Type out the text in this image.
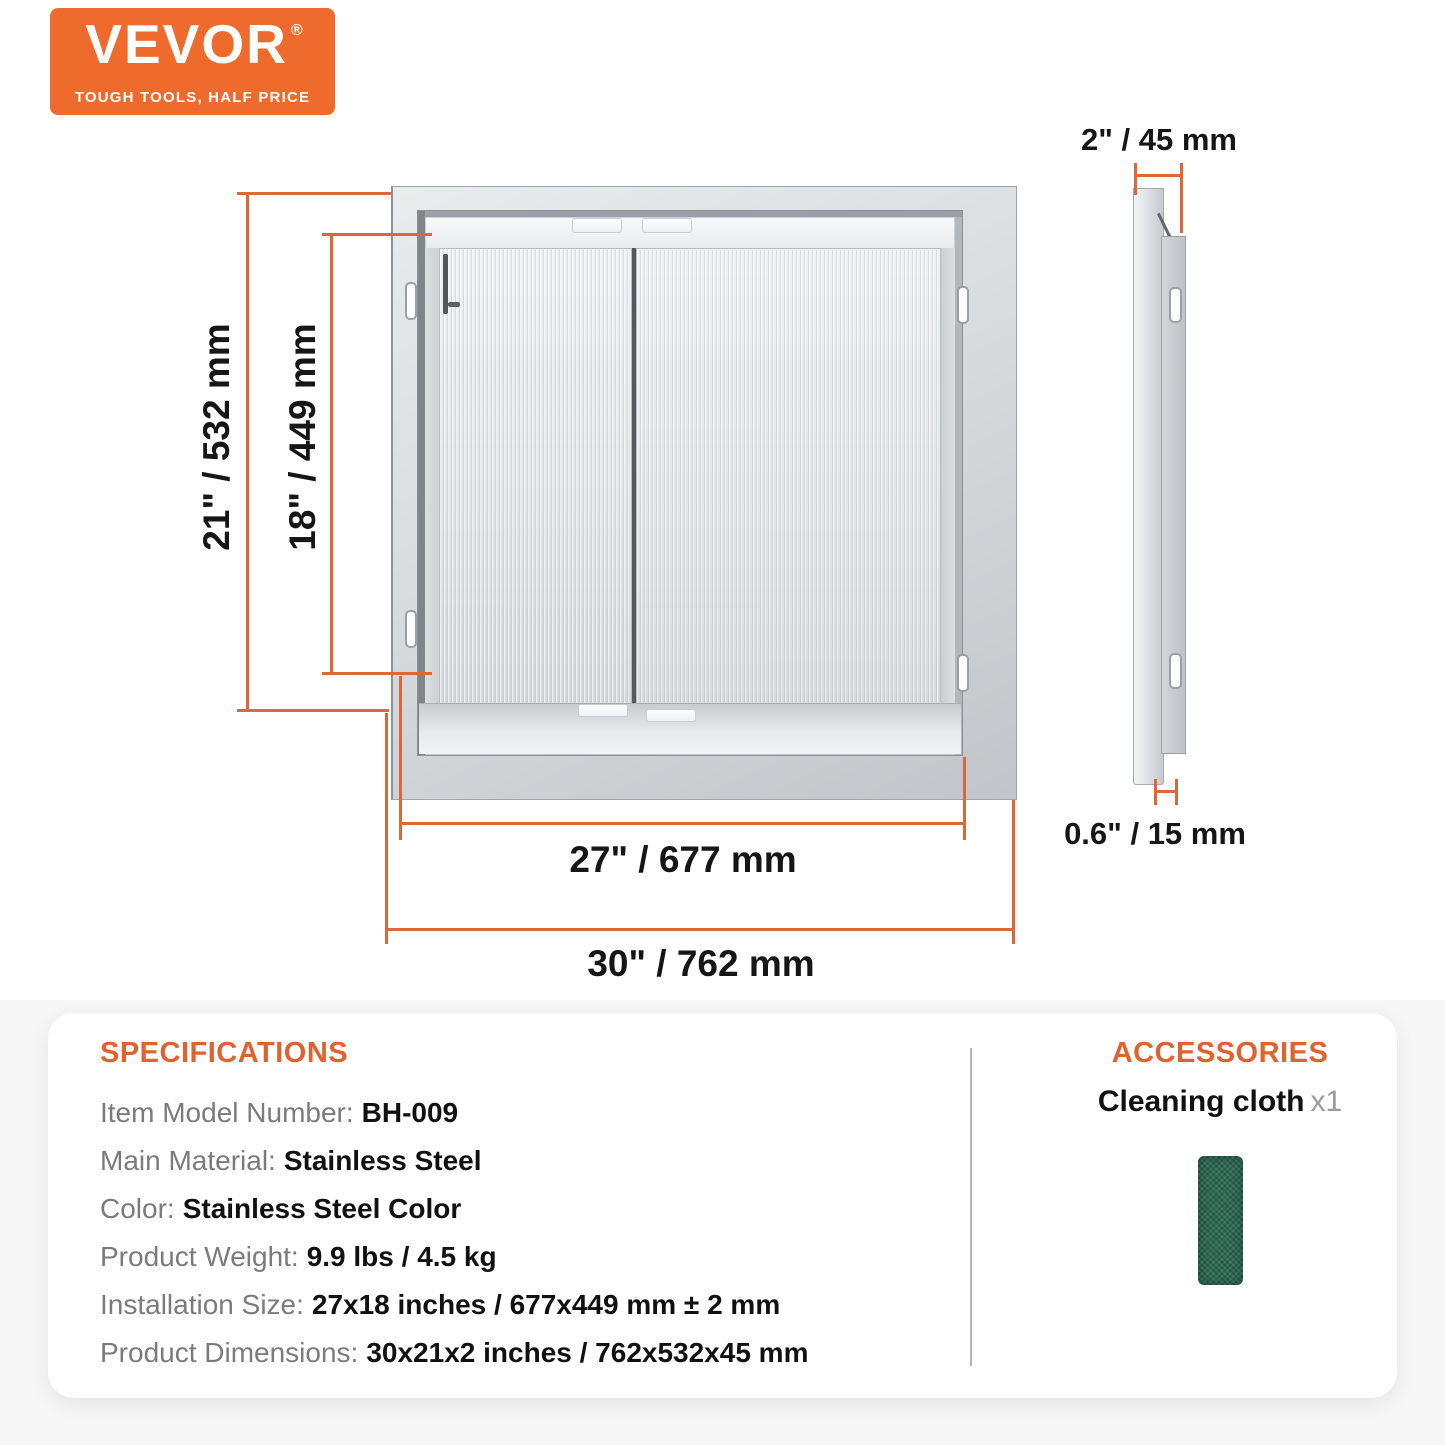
VEVOR ®
TOUGH TOOLS, HALF PRICE
21" / 532 mm 18" / 449 mm
27" / 677 mm
30" / 762 mm
2" / 45 mm
0.6" / 15 mm
SPECIFICATIONS
Item Model Number: BH-009
Main Material: Stainless Steel
Color: Stainless Steel Color
Product Weight: 9.9 lbs / 4.5 kg
Installation Size: 27x18 inches / 677x449 mm ± 2 mm
Product Dimensions: 30x21x2 inches / 762x532x45 mm
ACCESSORIES
Cleaning cloth x1
